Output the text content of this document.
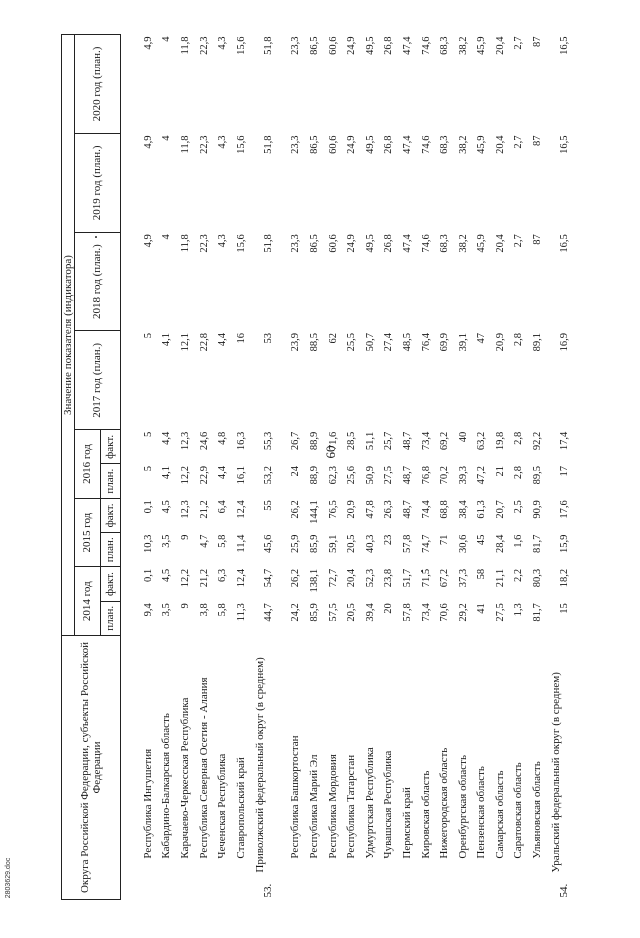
60
2803629.doc	Округа Российской Федерации, субъекты Российской Федерации		Значение показателя (индикатора)									
		2014 год		2015 год		2016 год		2017 год (план.)	2018 год (план.)	2019 год (план.)	2020 год (план.)
		план.	факт.	план.	факт.	план.	факт.				
	Республика Ингушетия	9,4	0,1	10,3	0,1	5	5	5	4,9	4,9	4,9
	Кабардино-Балкарская область	3,5	4,5	3,5	4,5	4,1	4,4	4,1	4	4	4
	Карачаево-Черкесская Республика	9	12,2	9	12,3	12,2	12,3	12,1	11,8	11,8	11,8
	Республика Северная Осетия - Алания	3,8	21,2	4,7	21,2	22,9	24,6	22,8	22,3	22,3	22,3
	Чеченская Республика	5,8	6,3	5,8	6,4	4,4	4,8	4,4	4,3	4,3	4,3
	Ставропольский край	11,3	12,4	11,4	12,4	16,1	16,3	16	15,6	15,6	15,6
53.	Приволжский федеральный округ (в среднем)	44,7	54,7	45,6	55	53,2	55,3	53	51,8	51,8	51,8
	Республика Башкортостан	24,2	26,2	25,9	26,2	24	26,7	23,9	23,3	23,3	23,3
	Республика Марий Эл	85,9	138,1	85,9	144,1	88,9	88,9	88,5	86,5	86,5	86,5
	Республика Мордовия	57,5	72,7	59,1	76,5	62,3	71,6	62	60,6	60,6	60,6
	Республика Татарстан	20,5	20,4	20,5	20,9	25,6	28,5	25,5	24,9	24,9	24,9
	Удмуртская Республика	39,4	52,3	40,3	47,8	50,9	51,1	50,7	49,5	49,5	49,5
	Чувашская Республика	20	23,8	23	26,3	27,5	25,7	27,4	26,8	26,8	26,8
	Пермский край	57,8	51,7	57,8	48,7	48,7	48,7	48,5	47,4	47,4	47,4
	Кировская область	73,4	71,5	74,7	74,4	76,8	73,4	76,4	74,6	74,6	74,6
	Нижегородская область	70,6	67,2	71	68,8	70,2	69,2	69,9	68,3	68,3	68,3
	Оренбургская область	29,2	37,3	30,6	38,4	39,3	40	39,1	38,2	38,2	38,2
	Пензенская область	41	58	45	61,3	47,2	63,2	47	45,9	45,9	45,9
	Самарская область	27,5	21,1	28,4	20,7	21	19,8	20,9	20,4	20,4	20,4
	Саратовская область	1,3	2,2	1,6	2,5	2,8	2,8	2,8	2,7	2,7	2,7
	Ульяновская область	81,7	80,3	81,7	90,9	89,5	92,2	89,1	87	87	87
54.	Уральский федеральный округ (в среднем)	15	18,2	15,9	17,6	17	17,4	16,9	16,5	16,5	16,5
